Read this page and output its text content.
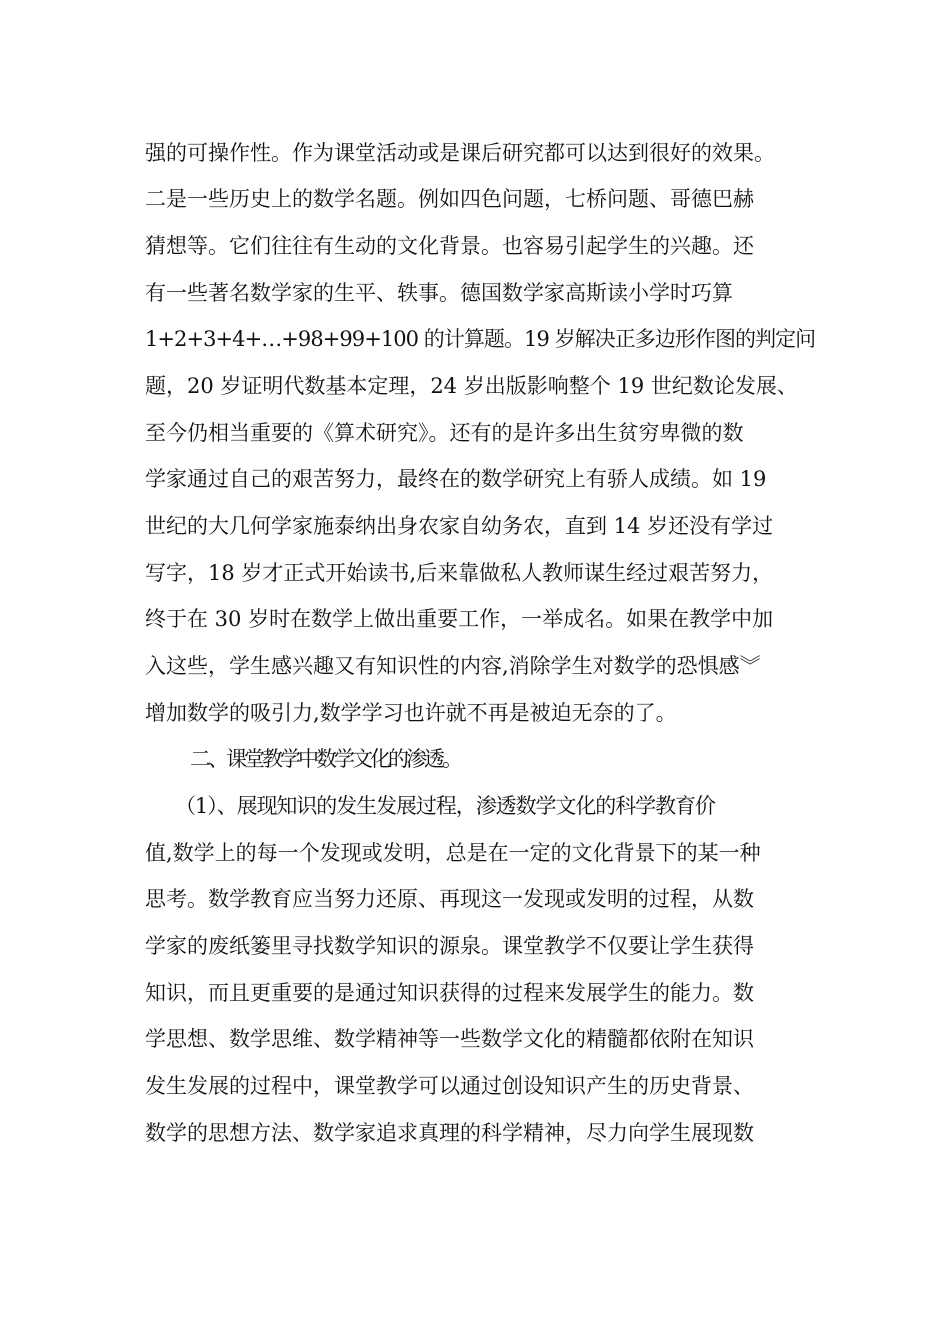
强的可操作性。作为课堂活动或是课后研究都可以达到很好的效果。
二是一些历史上的数学名题。例如四色问题，七桥问题、哥德巴赫
猜想等。它们往往有生动的文化背景。也容易引起学生的兴趣。还
有一些著名数学家的生平、轶事。德国数学家高斯读小学时巧算
1+2+3+4+…+98+99+100 的计算题。19 岁解决正多边形作图的判定问
题，20 岁证明代数基本定理，24 岁出版影响整个 19 世纪数论发展、
至今仍相当重要的《算术研究》。还有的是许多出生贫穷卑微的数
学家通过自己的艰苦努力，最终在的数学研究上有骄人成绩。如 19
世纪的大几何学家施泰纳出身农家自幼务农，直到 14 岁还没有学过
写字，18 岁才正式开始读书,后来靠做私人教师谋生经过艰苦努力，
终于在 30 岁时在数学上做出重要工作，一举成名。如果在教学中加
入这些，学生感兴趣又有知识性的内容,消除学生对数学的恐惧感︾
增加数学的吸引力,数学学习也许就不再是被迫无奈的了。
二、课堂教学中数学文化的渗透。
（1）、展现知识的发生发展过程，渗透数学文化的科学教育价
值,数学上的每一个发现或发明，总是在一定的文化背景下的某一种
思考。数学教育应当努力还原、再现这一发现或发明的过程，从数
学家的废纸篓里寻找数学知识的源泉。课堂教学不仅要让学生获得
知识，而且更重要的是通过知识获得的过程来发展学生的能力。数
学思想、数学思维、数学精神等一些数学文化的精髓都依附在知识
发生发展的过程中，课堂教学可以通过创设知识产生的历史背景、
数学的思想方法、数学家追求真理的科学精神，尽力向学生展现数
